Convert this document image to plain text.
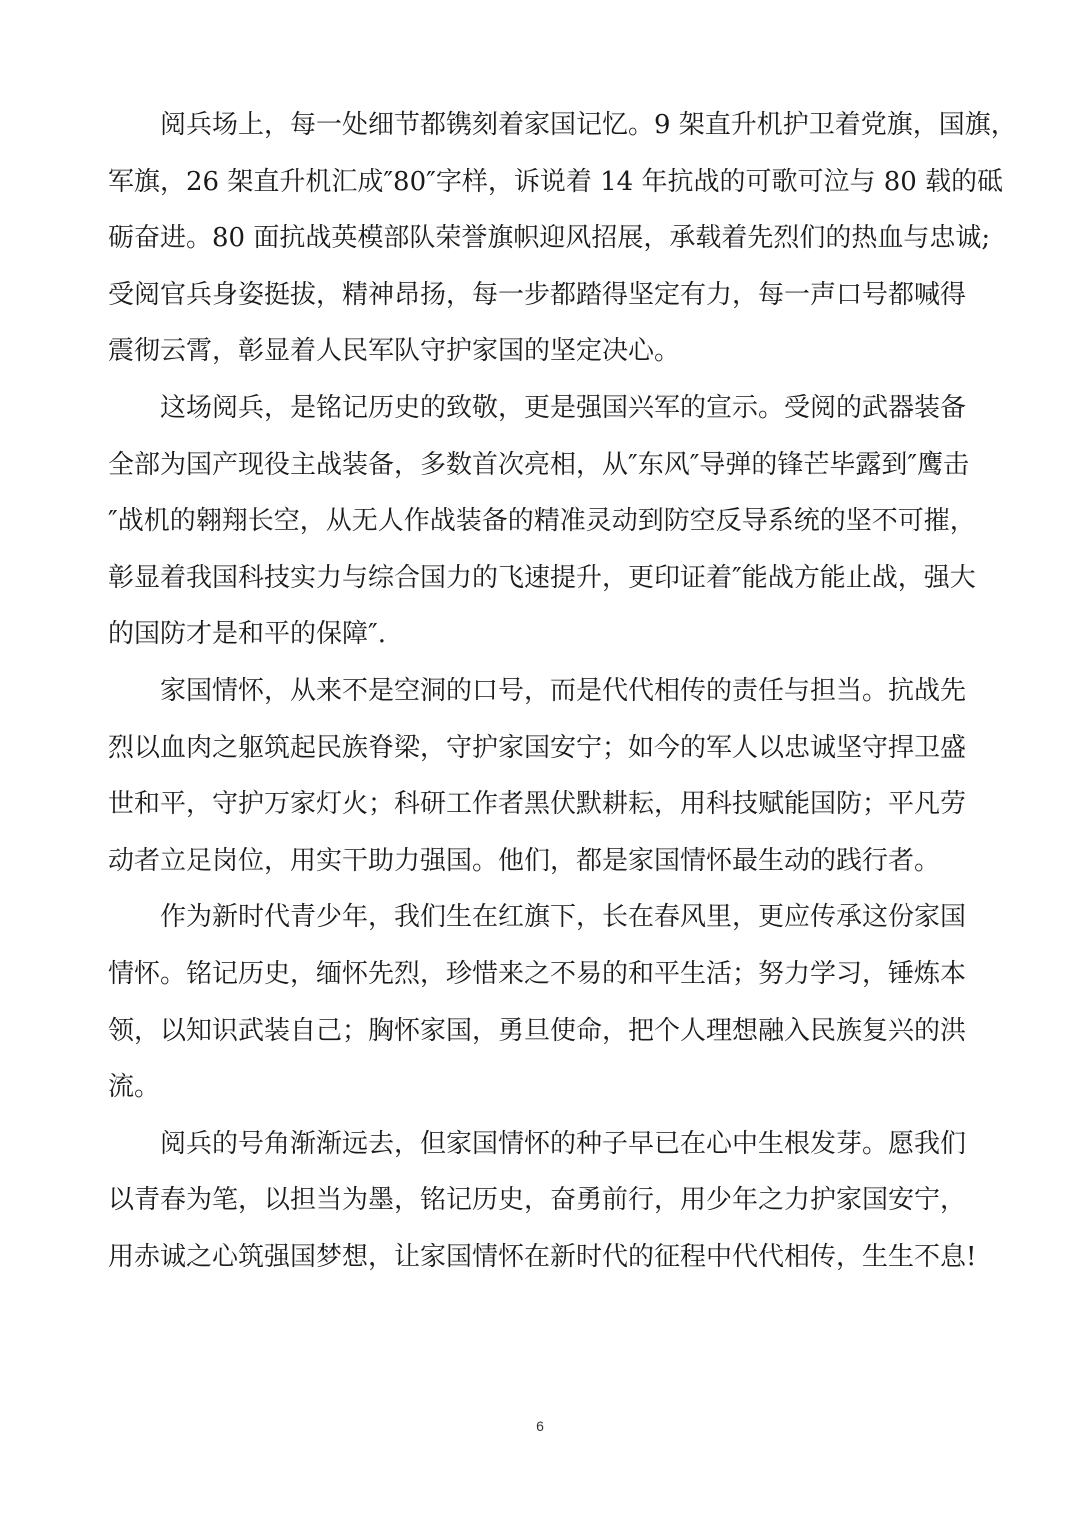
阅兵场上，每一处细节都镌刻着家国记忆。9 架直升机护卫着党旗，国旗，
军旗，26 架直升机汇成″80″字样，诉说着 14 年抗战的可歌可泣与 80 载的砥
砺奋进。80 面抗战英模部队荣誉旗帜迎风招展，承载着先烈们的热血与忠诚;
受阅官兵身姿挺拔，精神昂扬，每一步都踏得坚定有力，每一声口号都喊得
震彻云霄，彰显着人民军队守护家国的坚定决心。
这场阅兵，是铭记历史的致敬，更是强国兴军的宣示。受阅的武器装备
全部为国产现役主战装备，多数首次亮相，从″东风″导弹的锋芒毕露到″鹰击
″战机的翱翔长空，从无人作战装备的精准灵动到防空反导系统的坚不可摧，
彰显着我国科技实力与综合国力的飞速提升，更印证着″能战方能止战，强大
的国防才是和平的保障″.
家国情怀，从来不是空洞的口号，而是代代相传的责任与担当。抗战先
烈以血肉之躯筑起民族脊梁，守护家国安宁；如今的军人以忠诚坚守捍卫盛
世和平，守护万家灯火；科研工作者黑伏默耕耘，用科技赋能国防；平凡劳
动者立足岗位，用实干助力强国。他们，都是家国情怀最生动的践行者。
作为新时代青少年，我们生在红旗下，长在春风里，更应传承这份家国
情怀。铭记历史，缅怀先烈，珍惜来之不易的和平生活；努力学习，锤炼本
领，以知识武装自己；胸怀家国，勇旦使命，把个人理想融入民族复兴的洪
流。
阅兵的号角渐渐远去，但家国情怀的种子早已在心中生根发芽。愿我们
以青春为笔，以担当为墨，铭记历史，奋勇前行，用少年之力护家国安宁，
用赤诚之心筑强国梦想，让家国情怀在新时代的征程中代代相传，生生不息!
6
